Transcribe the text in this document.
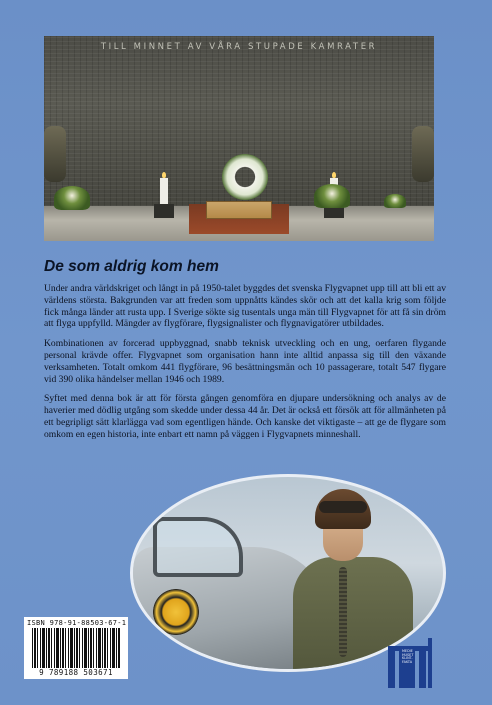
TILL MINNET AV VÅRA STUPADE KAMRATER
De som aldrig kom hem

Under andra världskriget och långt in på 1950-talet byggdes det svenska Flygvapnet upp till att bli ett av världens största. Bakgrunden var att freden som uppnåtts kändes skör och att det kalla krig som följde fick många länder att rusta upp. I Sverige sökte sig tusentals unga män till Flygvapnet för att få sin dröm att flyga uppfylld. Mängder av flygförare, flygsignalister och flygnavigatörer utbildades.

Kombinationen av forcerad uppbyggnad, snabb teknisk utveckling och en ung, oerfaren flygande personal krävde offer. Flygvapnet som organisation hann inte alltid anpassa sig till den växande verksamheten. Totalt omkom 441 flygförare, 96 besättningsmän och 10 passagerare, totalt 547 flygare vid 390 olika händelser mellan 1946 och 1989.

Syftet med denna bok är att för första gången genomföra en djupare undersökning och analys av de haverier med dödlig utgång som skedde under dessa 44 år. Det är också ett försök att för allmänheten på ett begripligt sätt klarlägga vad som egentligen hände. Och kanske det viktigaste – att ge de flygare som omkom en egen historia, inte enbart ett namn på väggen i Flygvapnets minneshall.

ISBN 978-91-88503-67-1
9 789188 503671
MEDIEHUSET KLINT-FAKTA
